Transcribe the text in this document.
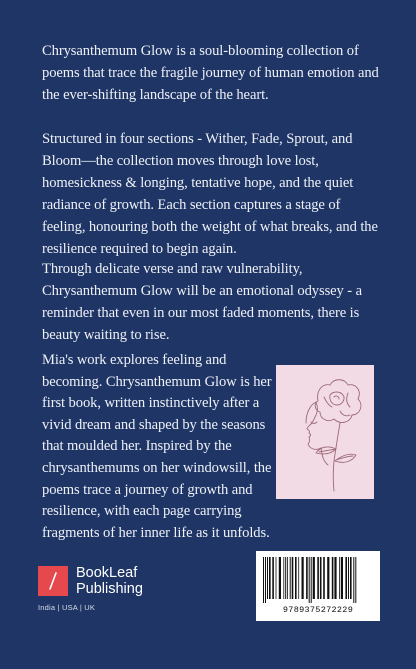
Chrysanthemum Glow is a soul-blooming collection of poems that trace the fragile journey of human emotion and the ever-shifting landscape of the heart.

Structured in four sections - Wither, Fade, Sprout, and Bloom—the collection moves through love lost, homesickness & longing, tentative hope, and the quiet radiance of growth. Each section captures a stage of feeling, honouring both the weight of what breaks, and the resilience required to begin again.

Through delicate verse and raw vulnerability, Chrysanthemum Glow will be an emotional odyssey - a reminder that even in our most faded moments, there is beauty waiting to rise.

Mia's work explores feeling and becoming. Chrysanthemum Glow is her first book, written instinctively after a vivid dream and shaped by the seasons that moulded her. Inspired by the chrysanthemums on her windowsill, the poems trace a journey of growth and resilience, with each page carrying fragments of her inner life as it unfolds.

BookLeaf
Publishing
India | USA | UK	9789375272229
